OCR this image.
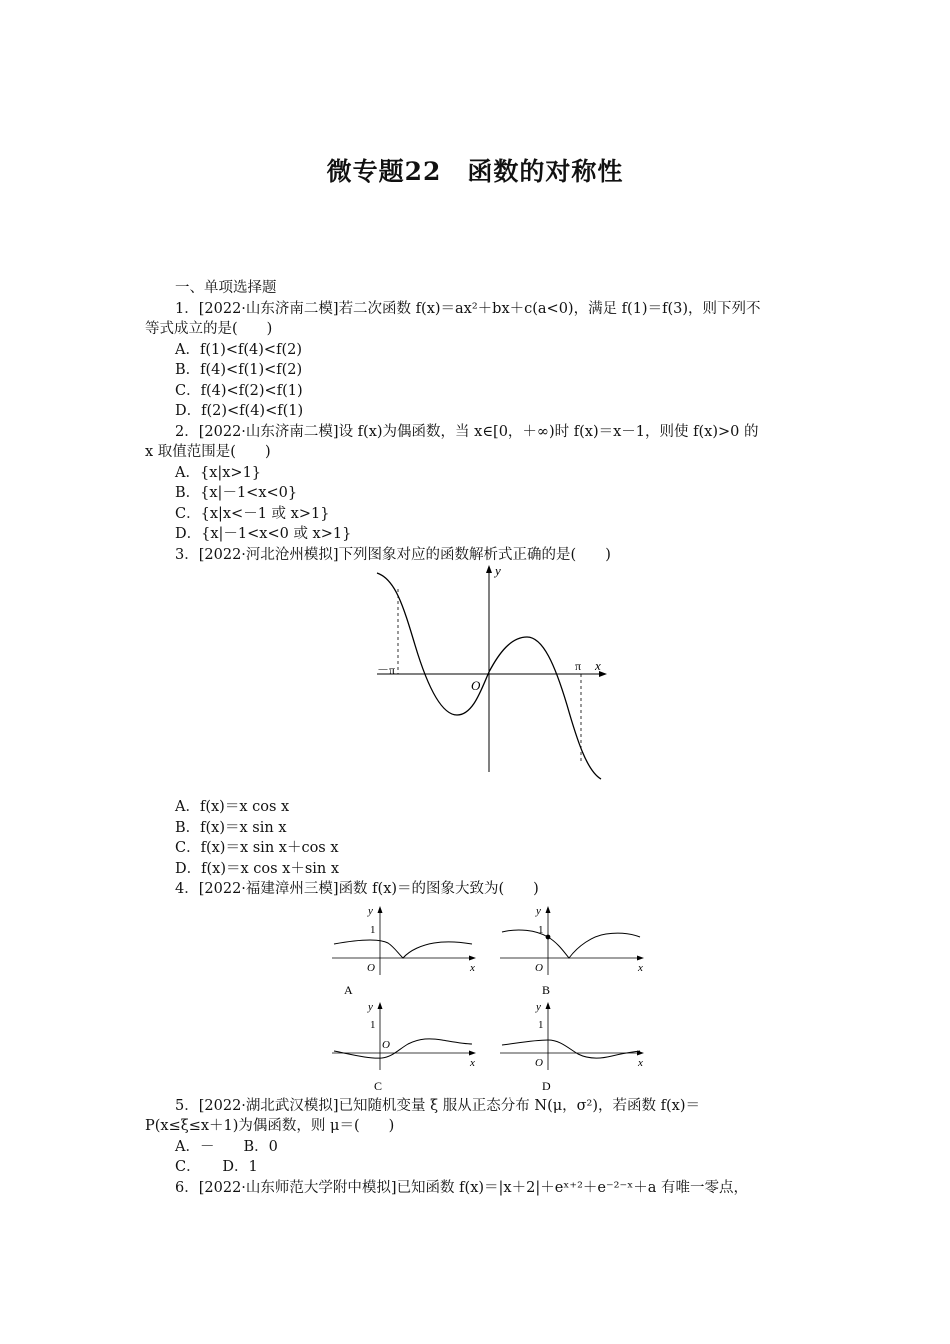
微专题22　函数的对称性
一、单项选择题
1．[2022·山东济南二模]若二次函数 f(x)＝ax²＋bx＋c(a<0)，满足 f(1)＝f(3)，则下列不
等式成立的是(　　)
A．f(1)<f(4)<f(2)
B．f(4)<f(1)<f(2)
C．f(4)<f(2)<f(1)
D．f(2)<f(4)<f(1)
2．[2022·山东济南二模]设 f(x)为偶函数，当 x∈[0，＋∞)时 f(x)＝x－1，则使 f(x)>0 的
x 取值范围是(　　)
A．{x|x>1}
B．{x|－1<x<0}
C．{x|x<－1 或 x>1}
D．{x|－1<x<0 或 x>1}
3．[2022·河北沧州模拟]下列图象对应的函数解析式正确的是(　　)
x
y
O
－π	π
A．f(x)＝x cos x
B．f(x)＝x sin x
C．f(x)＝x sin x＋cos x
D．f(x)＝x cos x＋sin x
4．[2022·福建漳州三模]函数 f(x)＝的图象大致为(　　)
y
1
O	x
A
y
1
O	x
B
y
1
O
x
C
y
1
O	x
D
5．[2022·湖北武汉模拟]已知随机变量 ξ 服从正态分布 N(μ，σ²)，若函数 f(x)＝
P(x≤ξ≤x＋1)为偶函数，则 μ＝(　　)
A．－　　B．0
C．　　D．1
6．[2022·山东师范大学附中模拟]已知函数 f(x)＝|x＋2|＋eˣ⁺²＋e⁻²⁻ˣ＋a 有唯一零点，
